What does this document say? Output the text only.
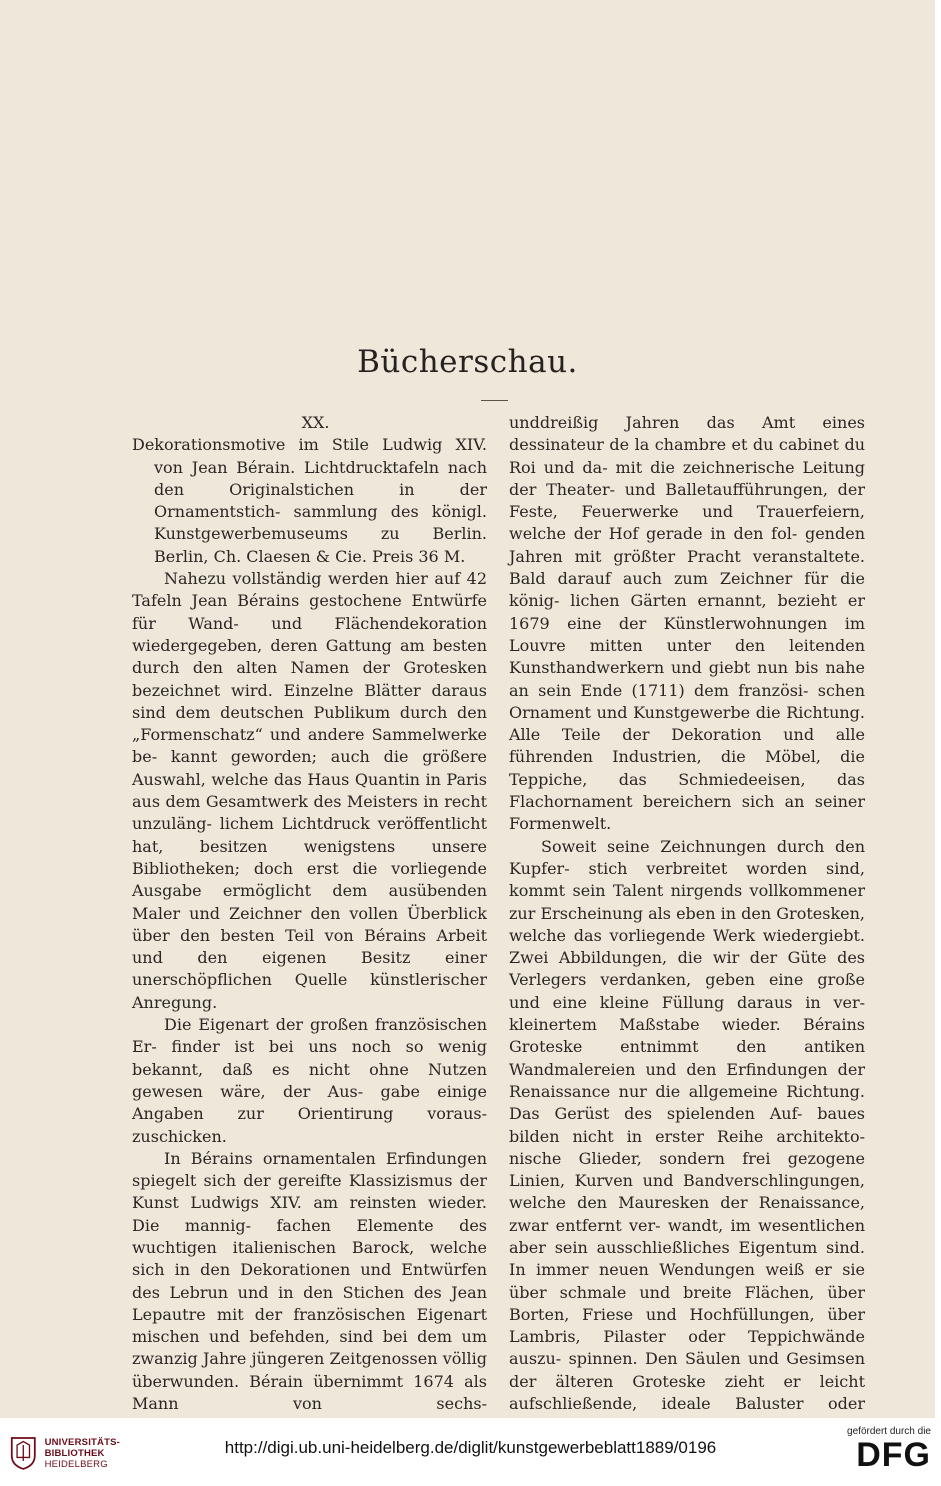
Bücherschau.

XX.

Dekorationsmotive im Stile Ludwig XIV.

von Jean Bérain. Lichtdrucktafeln nach den Originalstichen in der Ornamentstich- sammlung des königl. Kunstgewerbemuseums zu Berlin. Berlin, Ch. Claesen & Cie. Preis 36 M.

Nahezu vollständig werden hier auf 42 Tafeln Jean Bérains gestochene Entwürfe für Wand- und Flächendekoration wiedergegeben, deren Gattung am besten durch den alten Namen der Grotesken bezeichnet wird. Einzelne Blätter daraus sind dem deutschen Publikum durch den „Formenschatz“ und andere Sammelwerke be- kannt geworden; auch die größere Auswahl, welche das Haus Quantin in Paris aus dem Gesamtwerk des Meisters in recht unzuläng- lichem Lichtdruck veröffentlicht hat, besitzen wenigstens unsere Bibliotheken; doch erst die vorliegende Ausgabe ermöglicht dem ausübenden Maler und Zeichner den vollen Überblick über den besten Teil von Bérains Arbeit und den eigenen Besitz einer unerschöpflichen Quelle künstlerischer Anregung.

Die Eigenart der großen französischen Er- finder ist bei uns noch so wenig bekannt, daß es nicht ohne Nutzen gewesen wäre, der Aus- gabe einige Angaben zur Orientirung voraus- zuschicken.

In Bérains ornamentalen Erfindungen spiegelt sich der gereifte Klassizismus der Kunst Ludwigs XIV. am reinsten wieder. Die mannig- fachen Elemente des wuchtigen italienischen Barock, welche sich in den Dekorationen und Entwürfen des Lebrun und in den Stichen des Jean Lepautre mit der französischen Eigenart mischen und befehden, sind bei dem um zwanzig Jahre jüngeren Zeitgenossen völlig überwunden. Bérain übernimmt 1674 als Mann von sechs-

unddreißig Jahren das Amt eines dessinateur de la chambre et du cabinet du Roi und da- mit die zeichnerische Leitung der Theater- und Balletaufführungen, der Feste, Feuerwerke und Trauerfeiern, welche der Hof gerade in den fol- genden Jahren mit größter Pracht veranstaltete. Bald darauf auch zum Zeichner für die könig- lichen Gärten ernannt, bezieht er 1679 eine der Künstlerwohnungen im Louvre mitten unter den leitenden Kunsthandwerkern und giebt nun bis nahe an sein Ende (1711) dem französi- schen Ornament und Kunstgewerbe die Richtung. Alle Teile der Dekoration und alle führenden Industrien, die Möbel, die Teppiche, das Schmiedeeisen, das Flachornament bereichern sich an seiner Formenwelt.

Soweit seine Zeichnungen durch den Kupfer- stich verbreitet worden sind, kommt sein Talent nirgends vollkommener zur Erscheinung als eben in den Grotesken, welche das vorliegende Werk wiedergiebt. Zwei Abbildungen, die wir der Güte des Verlegers verdanken, geben eine große und eine kleine Füllung daraus in ver- kleinertem Maßstabe wieder. Bérains Groteske entnimmt den antiken Wandmalereien und den Erfindungen der Renaissance nur die allgemeine Richtung. Das Gerüst des spielenden Auf- baues bilden nicht in erster Reihe architekto- nische Glieder, sondern frei gezogene Linien, Kurven und Bandverschlingungen, welche den Mauresken der Renaissance, zwar entfernt ver- wandt, im wesentlichen aber sein ausschließliches Eigentum sind. In immer neuen Wendungen weiß er sie über schmale und breite Flächen, über Borten, Friese und Hochfüllungen, über Lambris, Pilaster oder Teppichwände auszu- spinnen. Den Säulen und Gesimsen der älteren Groteske zieht er leicht aufschließende, ideale Baluster oder

UNIVERSITÄTS-
BIBLIOTHEK
HEIDELBERG
http://digi.ub.uni-heidelberg.de/diglit/kunstgewerbeblatt1889/0196
gefördert durch die
DFG
